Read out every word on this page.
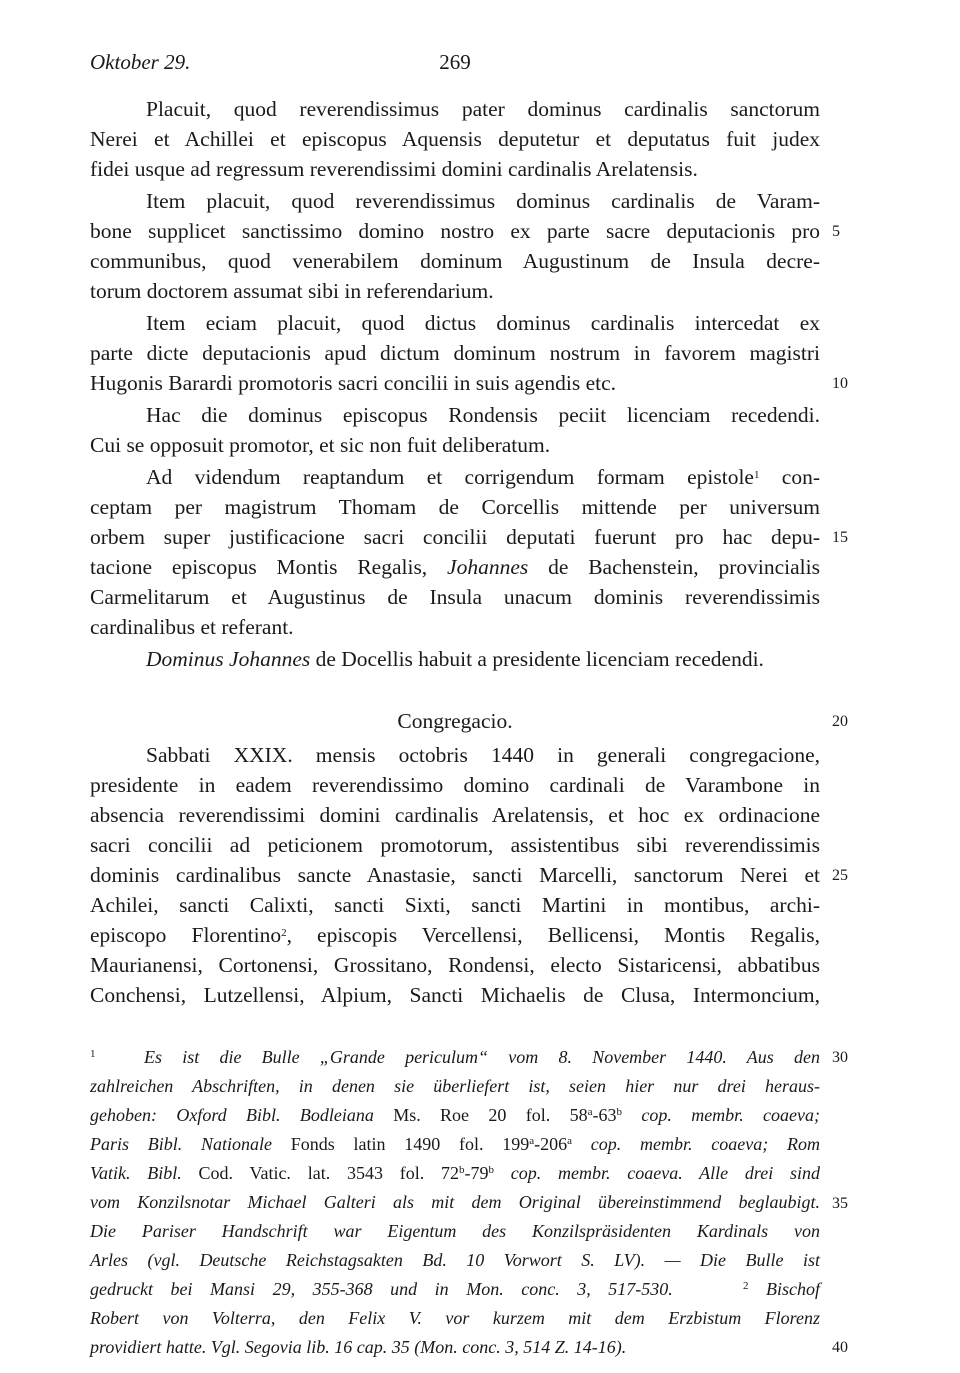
Oktober 29.	269
Placuit, quod reverendissimus pater dominus cardinalis sanctorum
Nerei et Achillei et episcopus Aquensis deputetur et deputatus fuit judex
fidei usque ad regressum reverendissimi domini cardinalis Arelatensis.
Item placuit, quod reverendissimus dominus cardinalis de Varam-
bone supplicet sanctissimo domino nostro ex parte sacre deputacionis pro
communibus, quod venerabilem dominum Augustinum de Insula decre-
torum doctorem assumat sibi in referendarium.
Item eciam placuit, quod dictus dominus cardinalis intercedat ex
parte dicte deputacionis apud dictum dominum nostrum in favorem magistri
Hugonis Barardi promotoris sacri concilii in suis agendis etc.
Hac die dominus episcopus Rondensis peciit licenciam recedendi.
Cui se opposuit promotor, et sic non fuit deliberatum.
Ad videndum reaptandum et corrigendum formam epistole$^1$ con-
ceptam per magistrum Thomam de Corcellis mittende per universum
orbem super justificacione sacri concilii deputati fuerunt pro hac depu-
tacione episcopus Montis Regalis, Johannes de Bachenstein, provincialis
Carmelitarum et Augustinus de Insula unacum dominis reverendissimis
cardinalibus et referant.
Dominus Johannes de Docellis habuit a presidente licenciam recedendi.
Congregacio.
Sabbati XXIX. mensis octobris 1440 in generali congregacione,
presidente in eadem reverendissimo domino cardinali de Varambone in
absencia reverendissimi domini cardinalis Arelatensis, et hoc ex ordinacione
sacri concilii ad peticionem promotorum, assistentibus sibi reverendissimis
dominis cardinalibus sancte Anastasie, sancti Marcelli, sanctorum Nerei et
Achilei, sancti Calixti, sancti Sixti, sancti Martini in montibus, archi-
episcopo Florentino$^2$, episcopis Vercellensi, Bellicensi, Montis Regalis,
Maurianensi, Cortonensi, Grossitano, Rondensi, electo Sistaricensi, abbatibus
Conchensi, Lutzellensi, Alpium, Sancti Michaelis de Clusa, Intermoncium,
$^1$	Es ist die Bulle „Grande periculum“ vom 8. November 1440. Aus den
zahlreichen Abschriften, in denen sie überliefert ist, seien hier nur drei heraus-
gehoben: Oxford Bibl. Bodleiana Ms. Roe 20 fol. 58$^a$-63$^b$ cop. membr. coaeva;
Paris Bibl. Nationale Fonds latin 1490 fol. 199$^a$-206$^a$ cop. membr. coaeva; Rom
Vatik. Bibl. Cod. Vatic. lat. 3543 fol. 72$^b$-79$^b$ cop. membr. coaeva. Alle drei sind
vom Konzilsnotar Michael Galteri als mit dem Original übereinstimmend beglaubigt.
Die Pariser Handschrift war Eigentum des Konzilspräsidenten Kardinals von
Arles (vgl. Deutsche Reichstagsakten Bd. 10 Vorwort S. LV). — Die Bulle ist
gedruckt bei Mansi 29, 355-368 und in Mon. conc. 3, 517-530.	$^2$ Bischof
Robert von Volterra, den Felix V. vor kurzem mit dem Erzbistum Florenz
providiert hatte. Vgl. Segovia lib. 16 cap. 35 (Mon. conc. 3, 514 Z. 14-16).
5
10
15
20
25
30
35
40
